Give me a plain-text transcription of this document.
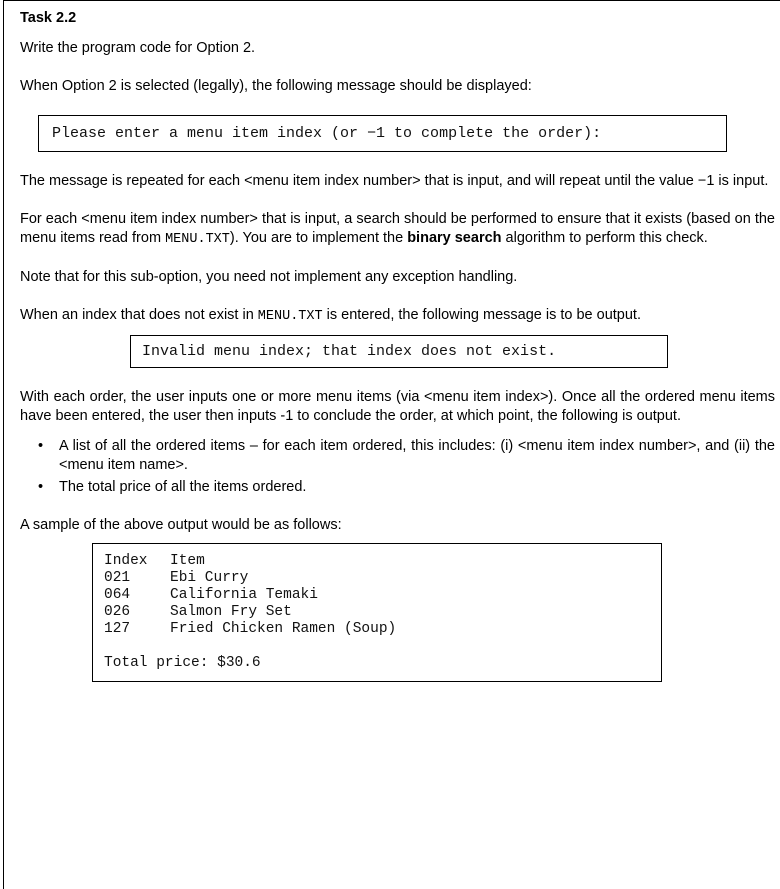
Task 2.2

Write the program code for Option 2.

When Option 2 is selected (legally), the following message should be displayed:

Please enter a menu item index (or −1 to complete the order):

The message is repeated for each <menu item index number> that is input, and will repeat until the value −1 is input.

For each <menu item index number> that is input, a search should be performed to ensure that it exists (based on the menu items read from MENU.TXT). You are to implement the binary search algorithm to perform this check.

Note that for this sub-option, you need not implement any exception handling.

When an index that does not exist in MENU.TXT is entered, the following message is to be output.

Invalid menu index; that index does not exist.

With each order, the user inputs one or more menu items (via <menu item index>). Once all the ordered menu items have been entered, the user then inputs -1 to conclude the order, at which point, the following is output.

• A list of all the ordered items – for each item ordered, this includes: (i) <menu item index number>, and (ii) the <menu item name>.
• The total price of all the items ordered.

A sample of the above output would be as follows:

Index	Item
021	Ebi Curry
064	California Temaki
026	Salmon Fry Set
127	Fried Chicken Ramen (Soup)
Total price: $30.6
